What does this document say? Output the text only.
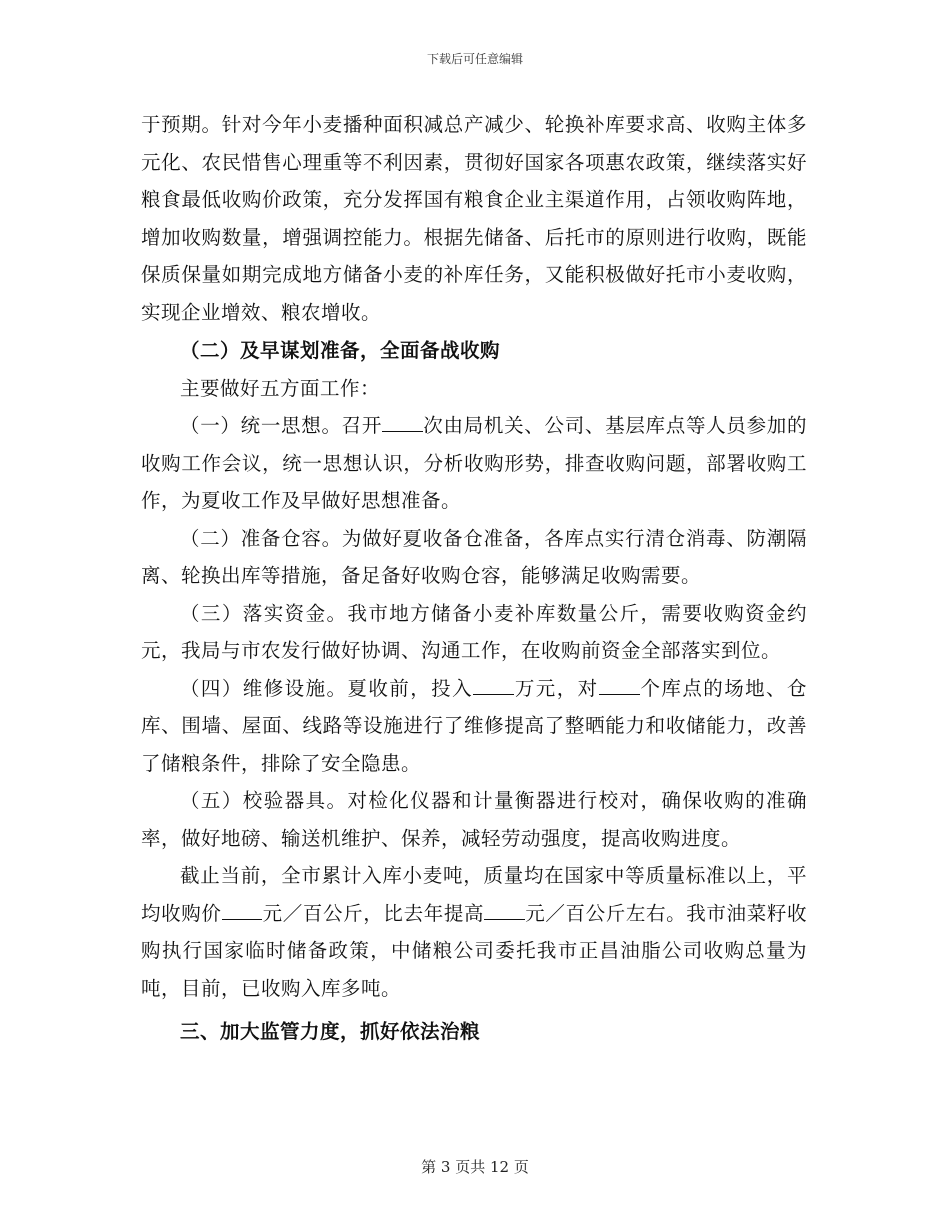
下载后可任意编辑

于预期。针对今年小麦播种面积减总产减少、轮换补库要求高、收购主体多元化、农民惜售心理重等不利因素，贯彻好国家各项惠农政策，继续落实好粮食最低收购价政策，充分发挥国有粮食企业主渠道作用，占领收购阵地，增加收购数量，增强调控能力。根据先储备、后托市的原则进行收购，既能保质保量如期完成地方储备小麦的补库任务，又能积极做好托市小麦收购，实现企业增效、粮农增收。

（二）及早谋划准备，全面备战收购

主要做好五方面工作：

（一）统一思想。召开 次由局机关、公司、基层库点等人员参加的收购工作会议，统一思想认识，分析收购形势，排查收购问题，部署收购工作，为夏收工作及早做好思想准备。

（二）准备仓容。为做好夏收备仓准备，各库点实行清仓消毒、防潮隔离、轮换出库等措施，备足备好收购仓容，能够满足收购需要。

（三）落实资金。我市地方储备小麦补库数量公斤，需要收购资金约元，我局与市农发行做好协调、沟通工作，在收购前资金全部落实到位。

（四）维修设施。夏收前，投入 万元，对 个库点的场地、仓库、围墙、屋面、线路等设施进行了维修提高了整晒能力和收储能力，改善了储粮条件，排除了安全隐患。

（五）校验器具。对检化仪器和计量衡器进行校对，确保收购的准确率，做好地磅、输送机维护、保养，减轻劳动强度，提高收购进度。

截止当前，全市累计入库小麦吨，质量均在国家中等质量标准以上，平均收购价 元／百公斤，比去年提高 元／百公斤左右。我市油菜籽收购执行国家临时储备政策，中储粮公司委托我市正昌油脂公司收购总量为吨，目前，已收购入库多吨。

三、加大监管力度，抓好依法治粮

第 3 页共 12 页
